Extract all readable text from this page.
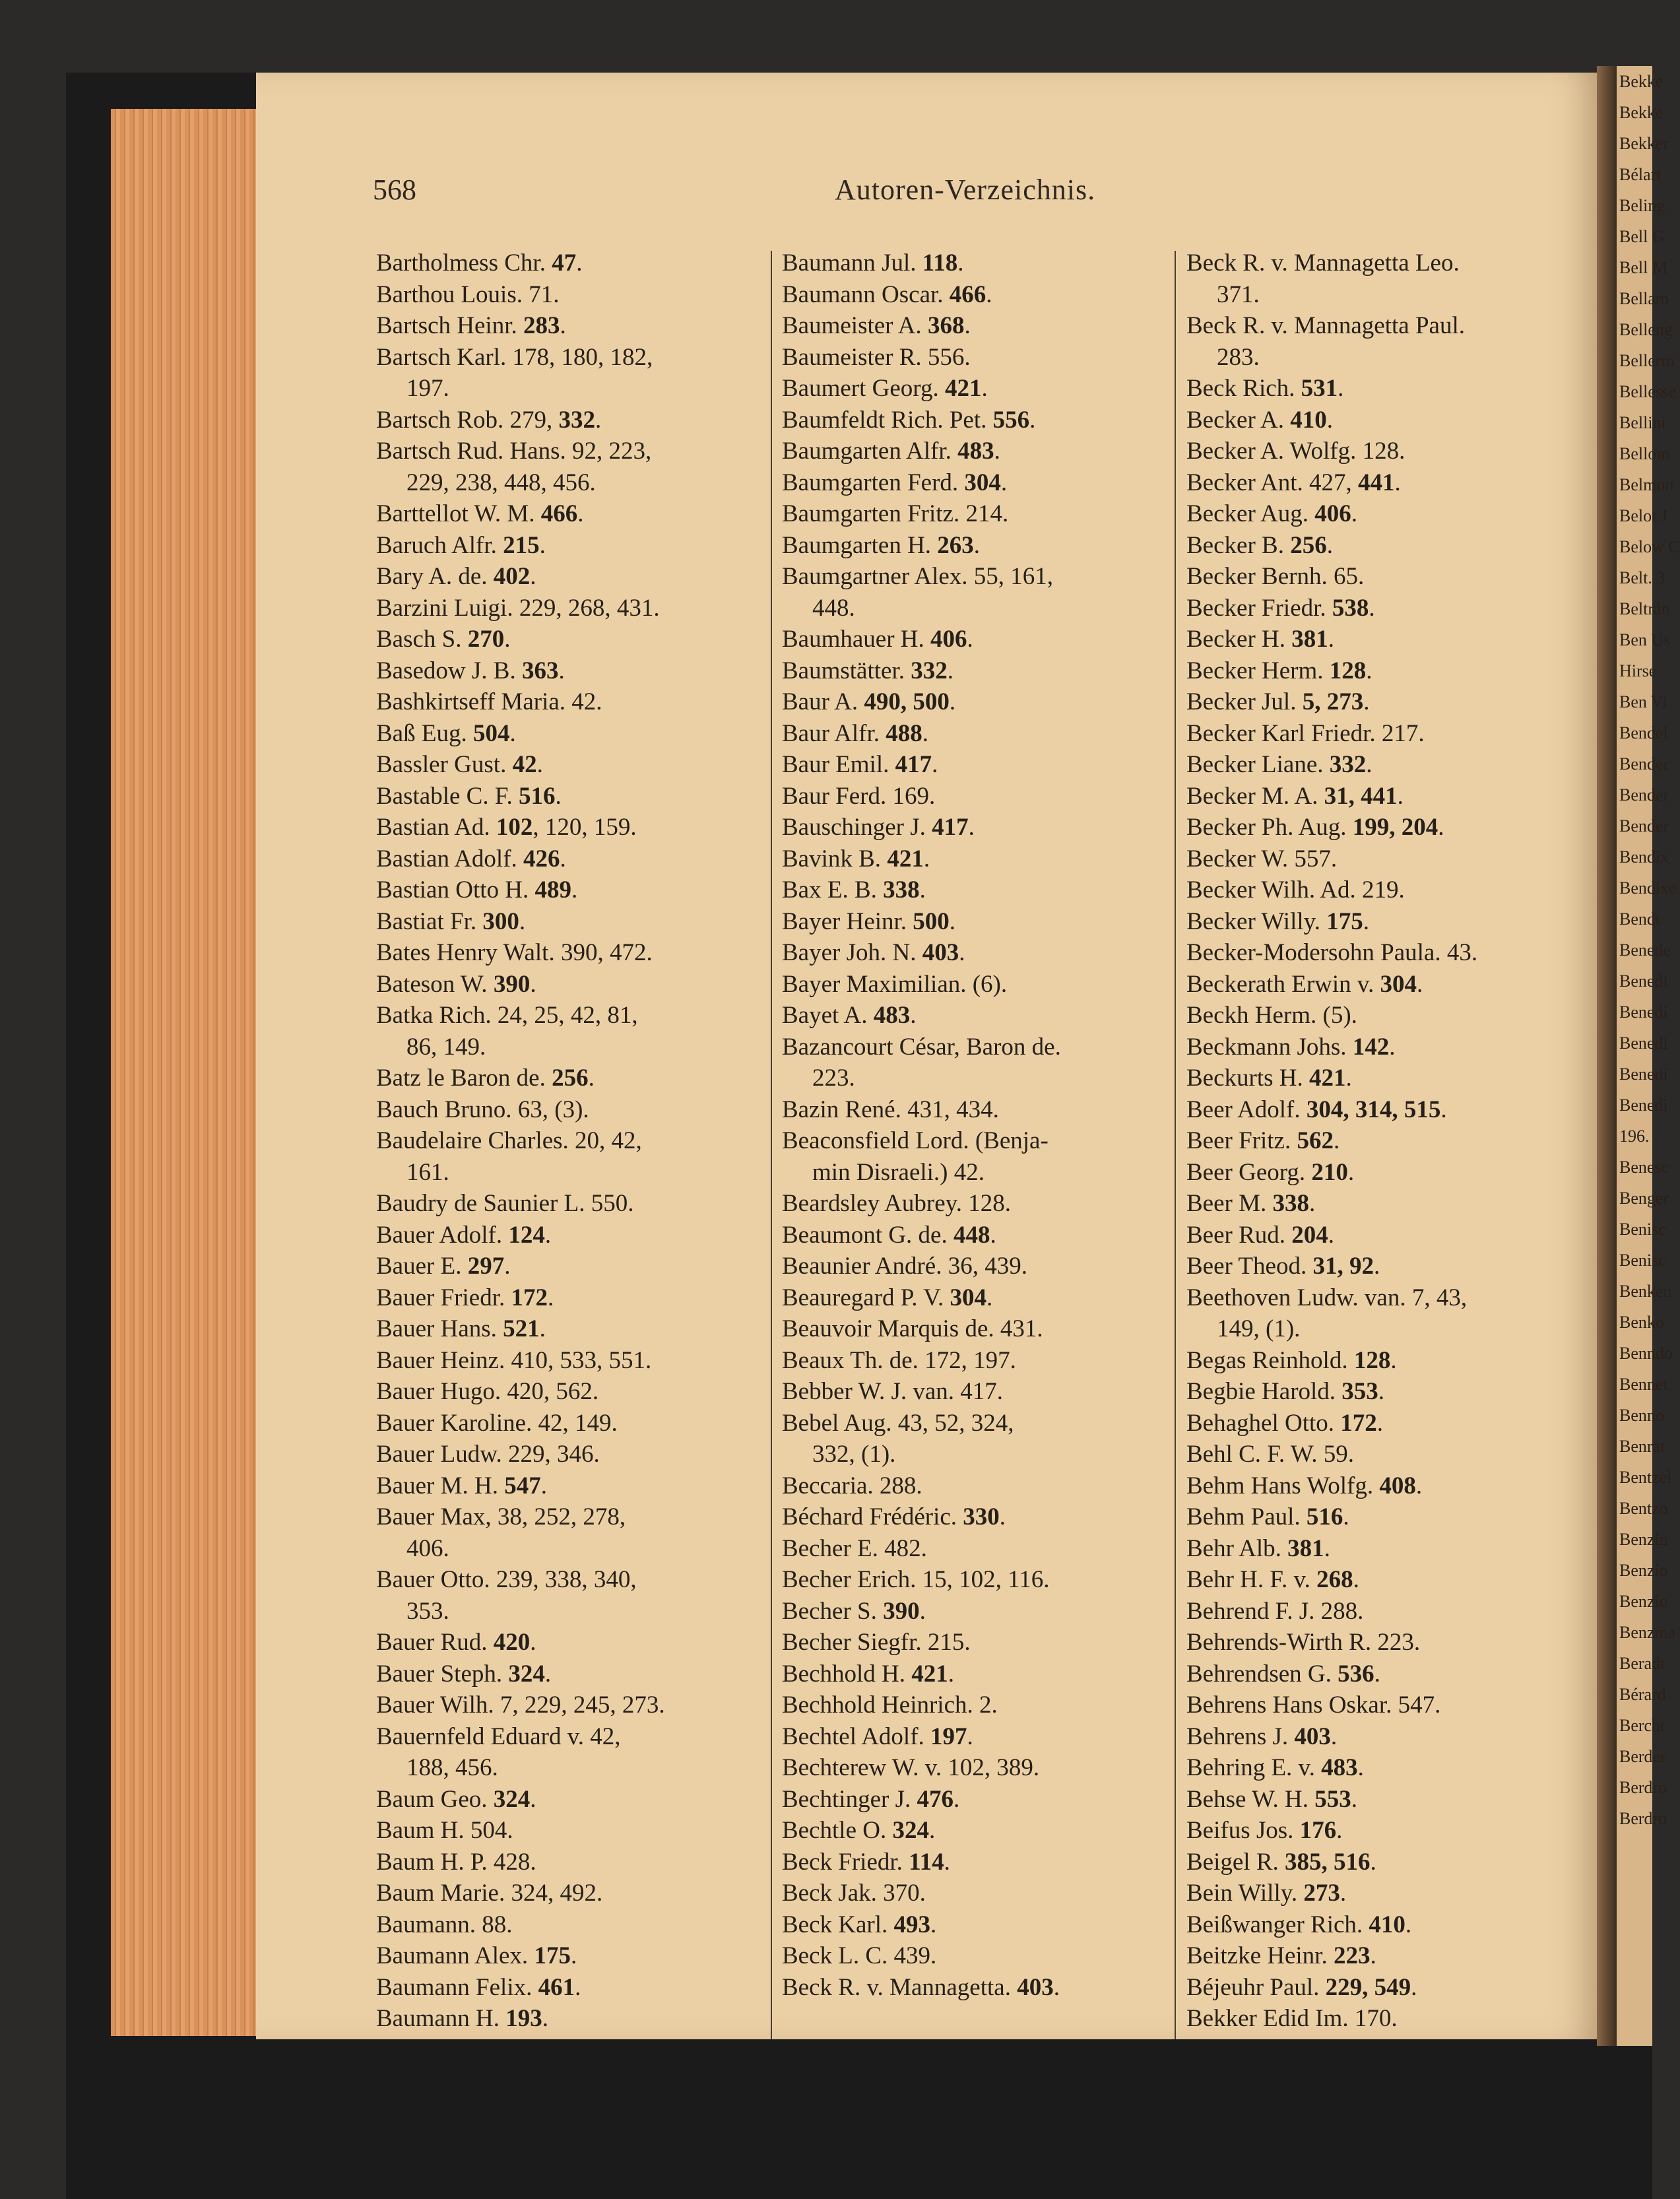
Bekke
Bekke
Bekker
Bélart
Beling
Bell G
Bell M
Bellam
Belleng
Bellerm
Bellesse
Bellini
Bellom
Belmon
Belot J
Below C
Belt. 3
Beltrán
Ben Us
Hirse
Ben Vi
Bendel
Bender
Bender
Bender
Bendix
Bendixe
Bendt
Benede
Benedi
Benedi
Benedi
Benedi
Benedi
196.
Benesc
Benger
Benisc
Benisc
Benken
Benko
Benndo
Bennet
Benno
Benrat
Bentzel
Bentzo
Benzin
Benzio
Benzio
Benzma
Beradt
Bérard
Bercht
Berder
Berdro
Berdro
568	Autoren-Verzeichnis.
Bartholmess Chr. 47.
Barthou Louis. 71.
Bartsch Heinr. 283.
Bartsch Karl. 178, 180, 182,
197.
Bartsch Rob. 279, 332.
Bartsch Rud. Hans. 92, 223,
229, 238, 448, 456.
Barttellot W. M. 466.
Baruch Alfr. 215.
Bary A. de. 402.
Barzini Luigi. 229, 268, 431.
Basch S. 270.
Basedow J. B. 363.
Bashkirtseff Maria. 42.
Baß Eug. 504.
Bassler Gust. 42.
Bastable C. F. 516.
Bastian Ad. 102, 120, 159.
Bastian Adolf. 426.
Bastian Otto H. 489.
Bastiat Fr. 300.
Bates Henry Walt. 390, 472.
Bateson W. 390.
Batka Rich. 24, 25, 42, 81,
86, 149.
Batz le Baron de. 256.
Bauch Bruno. 63, (3).
Baudelaire Charles. 20, 42,
161.
Baudry de Saunier L. 550.
Bauer Adolf. 124.
Bauer E. 297.
Bauer Friedr. 172.
Bauer Hans. 521.
Bauer Heinz. 410, 533, 551.
Bauer Hugo. 420, 562.
Bauer Karoline. 42, 149.
Bauer Ludw. 229, 346.
Bauer M. H. 547.
Bauer Max, 38, 252, 278,
406.
Bauer Otto. 239, 338, 340,
353.
Bauer Rud. 420.
Bauer Steph. 324.
Bauer Wilh. 7, 229, 245, 273.
Bauernfeld Eduard v. 42,
188, 456.
Baum Geo. 324.
Baum H. 504.
Baum H. P. 428.
Baum Marie. 324, 492.
Baumann. 88.
Baumann Alex. 175.
Baumann Felix. 461.
Baumann H. 193.
Baumann Jul. 118.
Baumann Oscar. 466.
Baumeister A. 368.
Baumeister R. 556.
Baumert Georg. 421.
Baumfeldt Rich. Pet. 556.
Baumgarten Alfr. 483.
Baumgarten Ferd. 304.
Baumgarten Fritz. 214.
Baumgarten H. 263.
Baumgartner Alex. 55, 161,
448.
Baumhauer H. 406.
Baumstätter. 332.
Baur A. 490, 500.
Baur Alfr. 488.
Baur Emil. 417.
Baur Ferd. 169.
Bauschinger J. 417.
Bavink B. 421.
Bax E. B. 338.
Bayer Heinr. 500.
Bayer Joh. N. 403.
Bayer Maximilian. (6).
Bayet A. 483.
Bazancourt César, Baron de.
223.
Bazin René. 431, 434.
Beaconsfield Lord. (Benja-
min Disraeli.) 42.
Beardsley Aubrey. 128.
Beaumont G. de. 448.
Beaunier André. 36, 439.
Beauregard P. V. 304.
Beauvoir Marquis de. 431.
Beaux Th. de. 172, 197.
Bebber W. J. van. 417.
Bebel Aug. 43, 52, 324,
332, (1).
Beccaria. 288.
Béchard Frédéric. 330.
Becher E. 482.
Becher Erich. 15, 102, 116.
Becher S. 390.
Becher Siegfr. 215.
Bechhold H. 421.
Bechhold Heinrich. 2.
Bechtel Adolf. 197.
Bechterew W. v. 102, 389.
Bechtinger J. 476.
Bechtle O. 324.
Beck Friedr. 114.
Beck Jak. 370.
Beck Karl. 493.
Beck L. C. 439.
Beck R. v. Mannagetta. 403.
Beck R. v. Mannagetta Leo.
371.
Beck R. v. Mannagetta Paul.
283.
Beck Rich. 531.
Becker A. 410.
Becker A. Wolfg. 128.
Becker Ant. 427, 441.
Becker Aug. 406.
Becker B. 256.
Becker Bernh. 65.
Becker Friedr. 538.
Becker H. 381.
Becker Herm. 128.
Becker Jul. 5, 273.
Becker Karl Friedr. 217.
Becker Liane. 332.
Becker M. A. 31, 441.
Becker Ph. Aug. 199, 204.
Becker W. 557.
Becker Wilh. Ad. 219.
Becker Willy. 175.
Becker-Modersohn Paula. 43.
Beckerath Erwin v. 304.
Beckh Herm. (5).
Beckmann Johs. 142.
Beckurts H. 421.
Beer Adolf. 304, 314, 515.
Beer Fritz. 562.
Beer Georg. 210.
Beer M. 338.
Beer Rud. 204.
Beer Theod. 31, 92.
Beethoven Ludw. van. 7, 43,
149, (1).
Begas Reinhold. 128.
Begbie Harold. 353.
Behaghel Otto. 172.
Behl C. F. W. 59.
Behm Hans Wolfg. 408.
Behm Paul. 516.
Behr Alb. 381.
Behr H. F. v. 268.
Behrend F. J. 288.
Behrends-Wirth R. 223.
Behrendsen G. 536.
Behrens Hans Oskar. 547.
Behrens J. 403.
Behring E. v. 483.
Behse W. H. 553.
Beifus Jos. 176.
Beigel R. 385, 516.
Bein Willy. 273.
Beißwanger Rich. 410.
Beitzke Heinr. 223.
Béjeuhr Paul. 229, 549.
Bekker Edid Im. 170.
